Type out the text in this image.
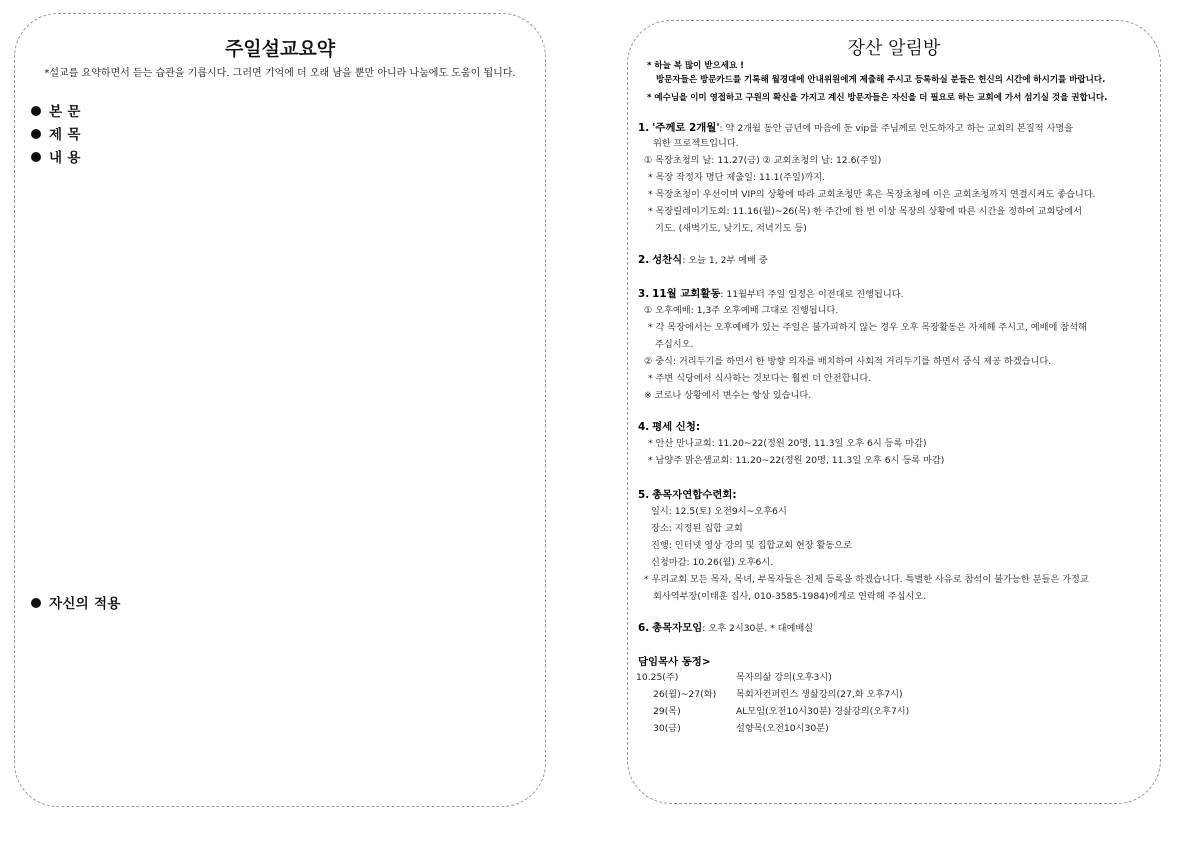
주일설교요약
*설교를 요약하면서 듣는 습관을 기릅시다. 그러면 기억에 더 오래 남을 뿐만 아니라 나눔에도 도움이 됩니다.
본 문
제 목
내 용
자신의 적용
장산 알림방
* 하늘 복 많이 받으세요 !
방문자들은 방문카드를 기록해 월경대에 안내위원에게 제출해 주시고 등록하실 분들은 헌신의 시간에 하시기를 바랍니다.
* 예수님을 이미 영접하고 구원의 확신을 가지고 계신 방문자들은 자신을 더 필요로 하는 교회에 가서 섬기실 것을 권합니다.
1. '주께로 2개월': 약 2개월 동안 금년에 마음에 둔 vip를 주님께로 인도하자고 하는 교회의 본질적 사명을
위한 프로젝트입니다.
① 목장초청의 날: 11.27(금) ② 교회초청의 날: 12.6(주일)
* 목장 작정자 명단 제출일: 11.1(주일)까지.
* 목장초청이 우선이며 VIP의 상황에 따라 교회초청만 혹은 목장초청에 이은 교회초청까지 연결시켜도 좋습니다.
* 목장릴레이기도회: 11.16(월)~26(목) 한 주간에 한 번 이상 목장의 상황에 따른 시간을 정하여 교회당에서
기도. (새벽기도, 낮기도, 저녁기도 등)
2. 성찬식: 오늘 1, 2부 예배 중
3. 11월 교회활동: 11월부터 주일 일정은 이전대로 진행됩니다.
① 오후예배: 1,3주 오후예배 그대로 진행됩니다.
* 각 목장에서는 오후예배가 있는 주일은 불가피하지 않는 경우 오후 목장활동은 자제해 주시고, 예배에 참석해
주십시오.
② 중식: 거리두기를 하면서 한 방향 의자를 배치하여 사회적 거리두기를 하면서 중식 제공 하겠습니다.
* 주변 식당에서 식사하는 것보다는 훨씬 더 안전합니다.
※ 코로나 상황에서 변수는 항상 있습니다.
4. 평세 신청:
* 안산 만나교회: 11.20~22(정원 20명, 11.3일 오후 6시 등록 마감)
* 남양주 맑은샘교회: 11.20~22(정원 20명, 11.3일 오후 6시 등록 마감)
5. 총목자연합수련회:
일시: 12.5(토) 오전9시~오후6시
장소: 지정된 집합 교회
진행: 인터넷 영상 강의 및 집합교회 현장 활동으로
신청마감: 10.26(월) 오후6시.
* 우리교회 모든 목자, 목녀, 부목자들은 전체 등록을 하겠습니다. 특별한 사유로 참석이 불가능한 분들은 가정교
회사역부장(이태훈 집사, 010-3585-1984)에게로 연락해 주십시오.
6. 총목자모임: 오후 2시30분. * 대예배실
담임목사 동정>
10.25(주)	목자의삶 강의(오후3시)
26(월)~27(화) 목회자컨퍼런스 생삶강의(27,화 오후7시)
29(목)	AL모임(오전10시30분) 경삶강의(오후7시)
30(금)	설향목(오전10시30분)
